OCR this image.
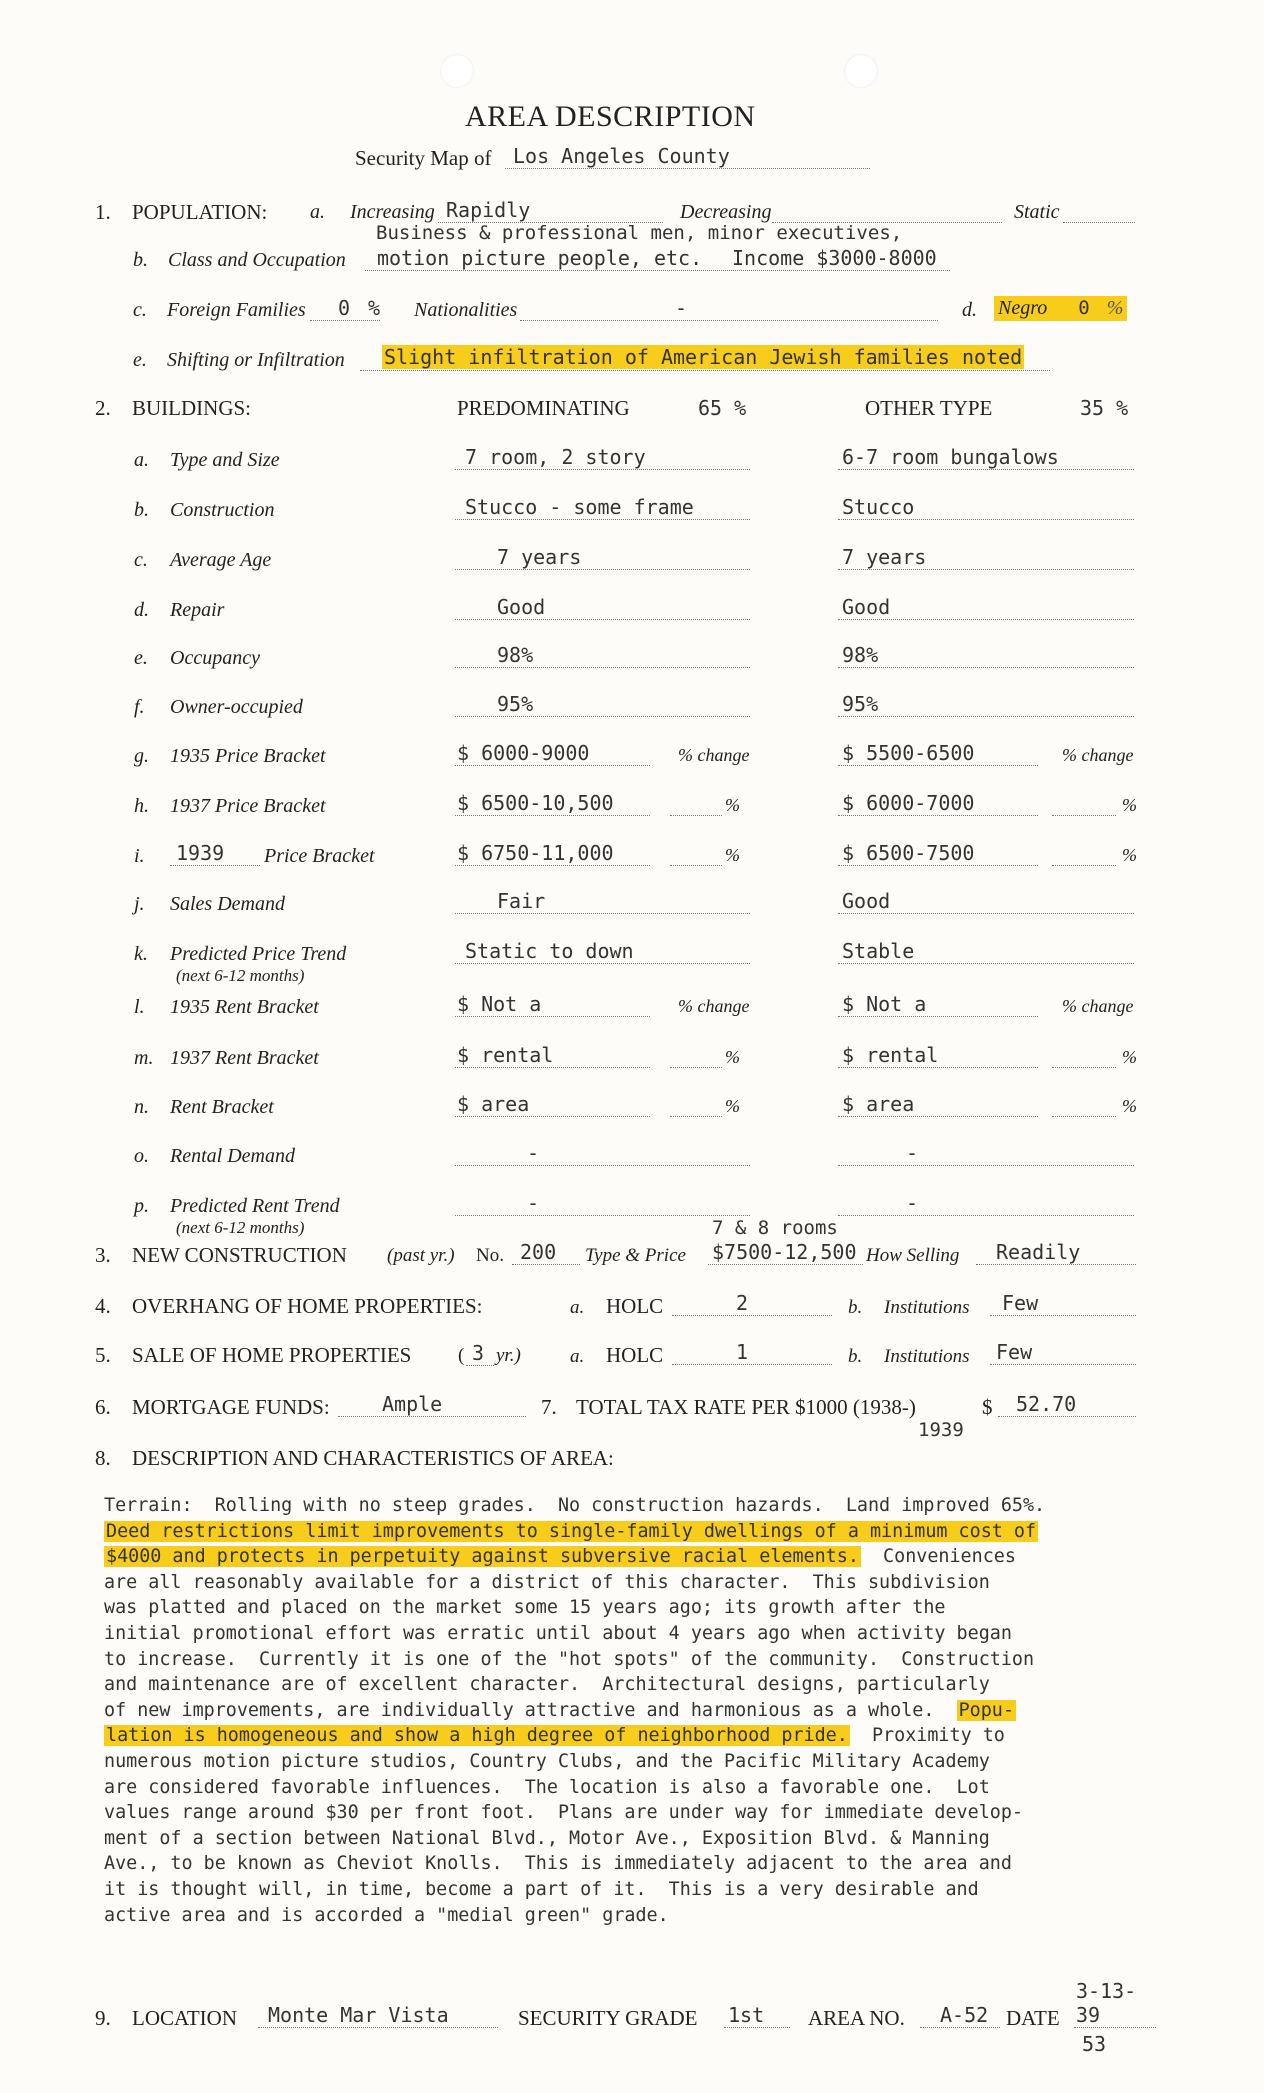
AREA DESCRIPTION
Security Map of Los Angeles County
1. POPULATION: a. Increasing Rapidly	Decreasing	Static
Business & professional men, minor executives,
b. Class and Occupation motion picture people, etc. Income $3000-8000
c. Foreign Families 0 % Nationalities	-	d. Negro 0 %
e. Shifting or Infiltration Slight infiltration of American Jewish families noted
2. BUILDINGS:	PREDOMINATING	65 %	OTHER TYPE	35 %
a. Type and Size	7 room, 2 story	6-7 room bungalows
b. Construction	Stucco - some frame	Stucco
c. Average Age	7 years	7 years
d. Repair	Good	Good
e. Occupancy	98%	98%
f. Owner-occupied	95%	95%
g. 1935 Price Bracket	$ 6000-9000	% change	$ 5500-6500	% change
h. 1937 Price Bracket	$ 6500-10,500	%	$ 6000-7000	%
i. 1939 Price Bracket	$ 6750-11,000	%	$ 6500-7500	%
j. Sales Demand	Fair	Good
k. Predicted Price Trend
(next 6-12 months)
Static to down	Stable
l. 1935 Rent Bracket	$ Not a	% change	$ Not a	% change
m. 1937 Rent Bracket	$ rental	%	$ rental	%
n. Rent Bracket	$ area	%	$ area	%
o. Rental Demand	-	-
p. Predicted Rent Trend
(next 6-12 months)
-	-
7 & 8 rooms
3. NEW CONSTRUCTION (past yr.) No. 200 Type & Price $7500-12,500 How Selling Readily
4. OVERHANG OF HOME PROPERTIES:	a. HOLC	2	b. Institutions Few
5. SALE OF HOME PROPERTIES ( 3 yr.)	a. HOLC	1	b. Institutions Few
6. MORTGAGE FUNDS:	Ample	7. TOTAL TAX RATE PER $1000 (1938-)
1939
$ 52.70
8. DESCRIPTION AND CHARACTERISTICS OF AREA:
Terrain:  Rolling with no steep grades.  No construction hazards.  Land improved 65%.
Deed restrictions limit improvements to single-family dwellings of a minimum cost of
$4000 and protects in perpetuity against subversive racial elements.  Conveniences
are all reasonably available for a district of this character.  This subdivision
was platted and placed on the market some 15 years ago; its growth after the
initial promotional effort was erratic until about 4 years ago when activity began
to increase.  Currently it is one of the "hot spots" of the community.  Construction
and maintenance are of excellent character.  Architectural designs, particularly
of new improvements, are individually attractive and harmonious as a whole.  Popu-
lation is homogeneous and show a high degree of neighborhood pride.  Proximity to
numerous motion picture studios, Country Clubs, and the Pacific Military Academy
are considered favorable influences.  The location is also a favorable one.  Lot
values range around $30 per front foot.  Plans are under way for immediate develop-
ment of a section between National Blvd., Motor Ave., Exposition Blvd. & Manning
Ave., to be known as Cheviot Knolls.  This is immediately adjacent to the area and
it is thought will, in time, become a part of it.  This is a very desirable and
active area and is accorded a "medial green" grade.
9. LOCATION Monte Mar Vista	SECURITY GRADE 1st AREA NO. A-52 DATE
3-13-39
53
